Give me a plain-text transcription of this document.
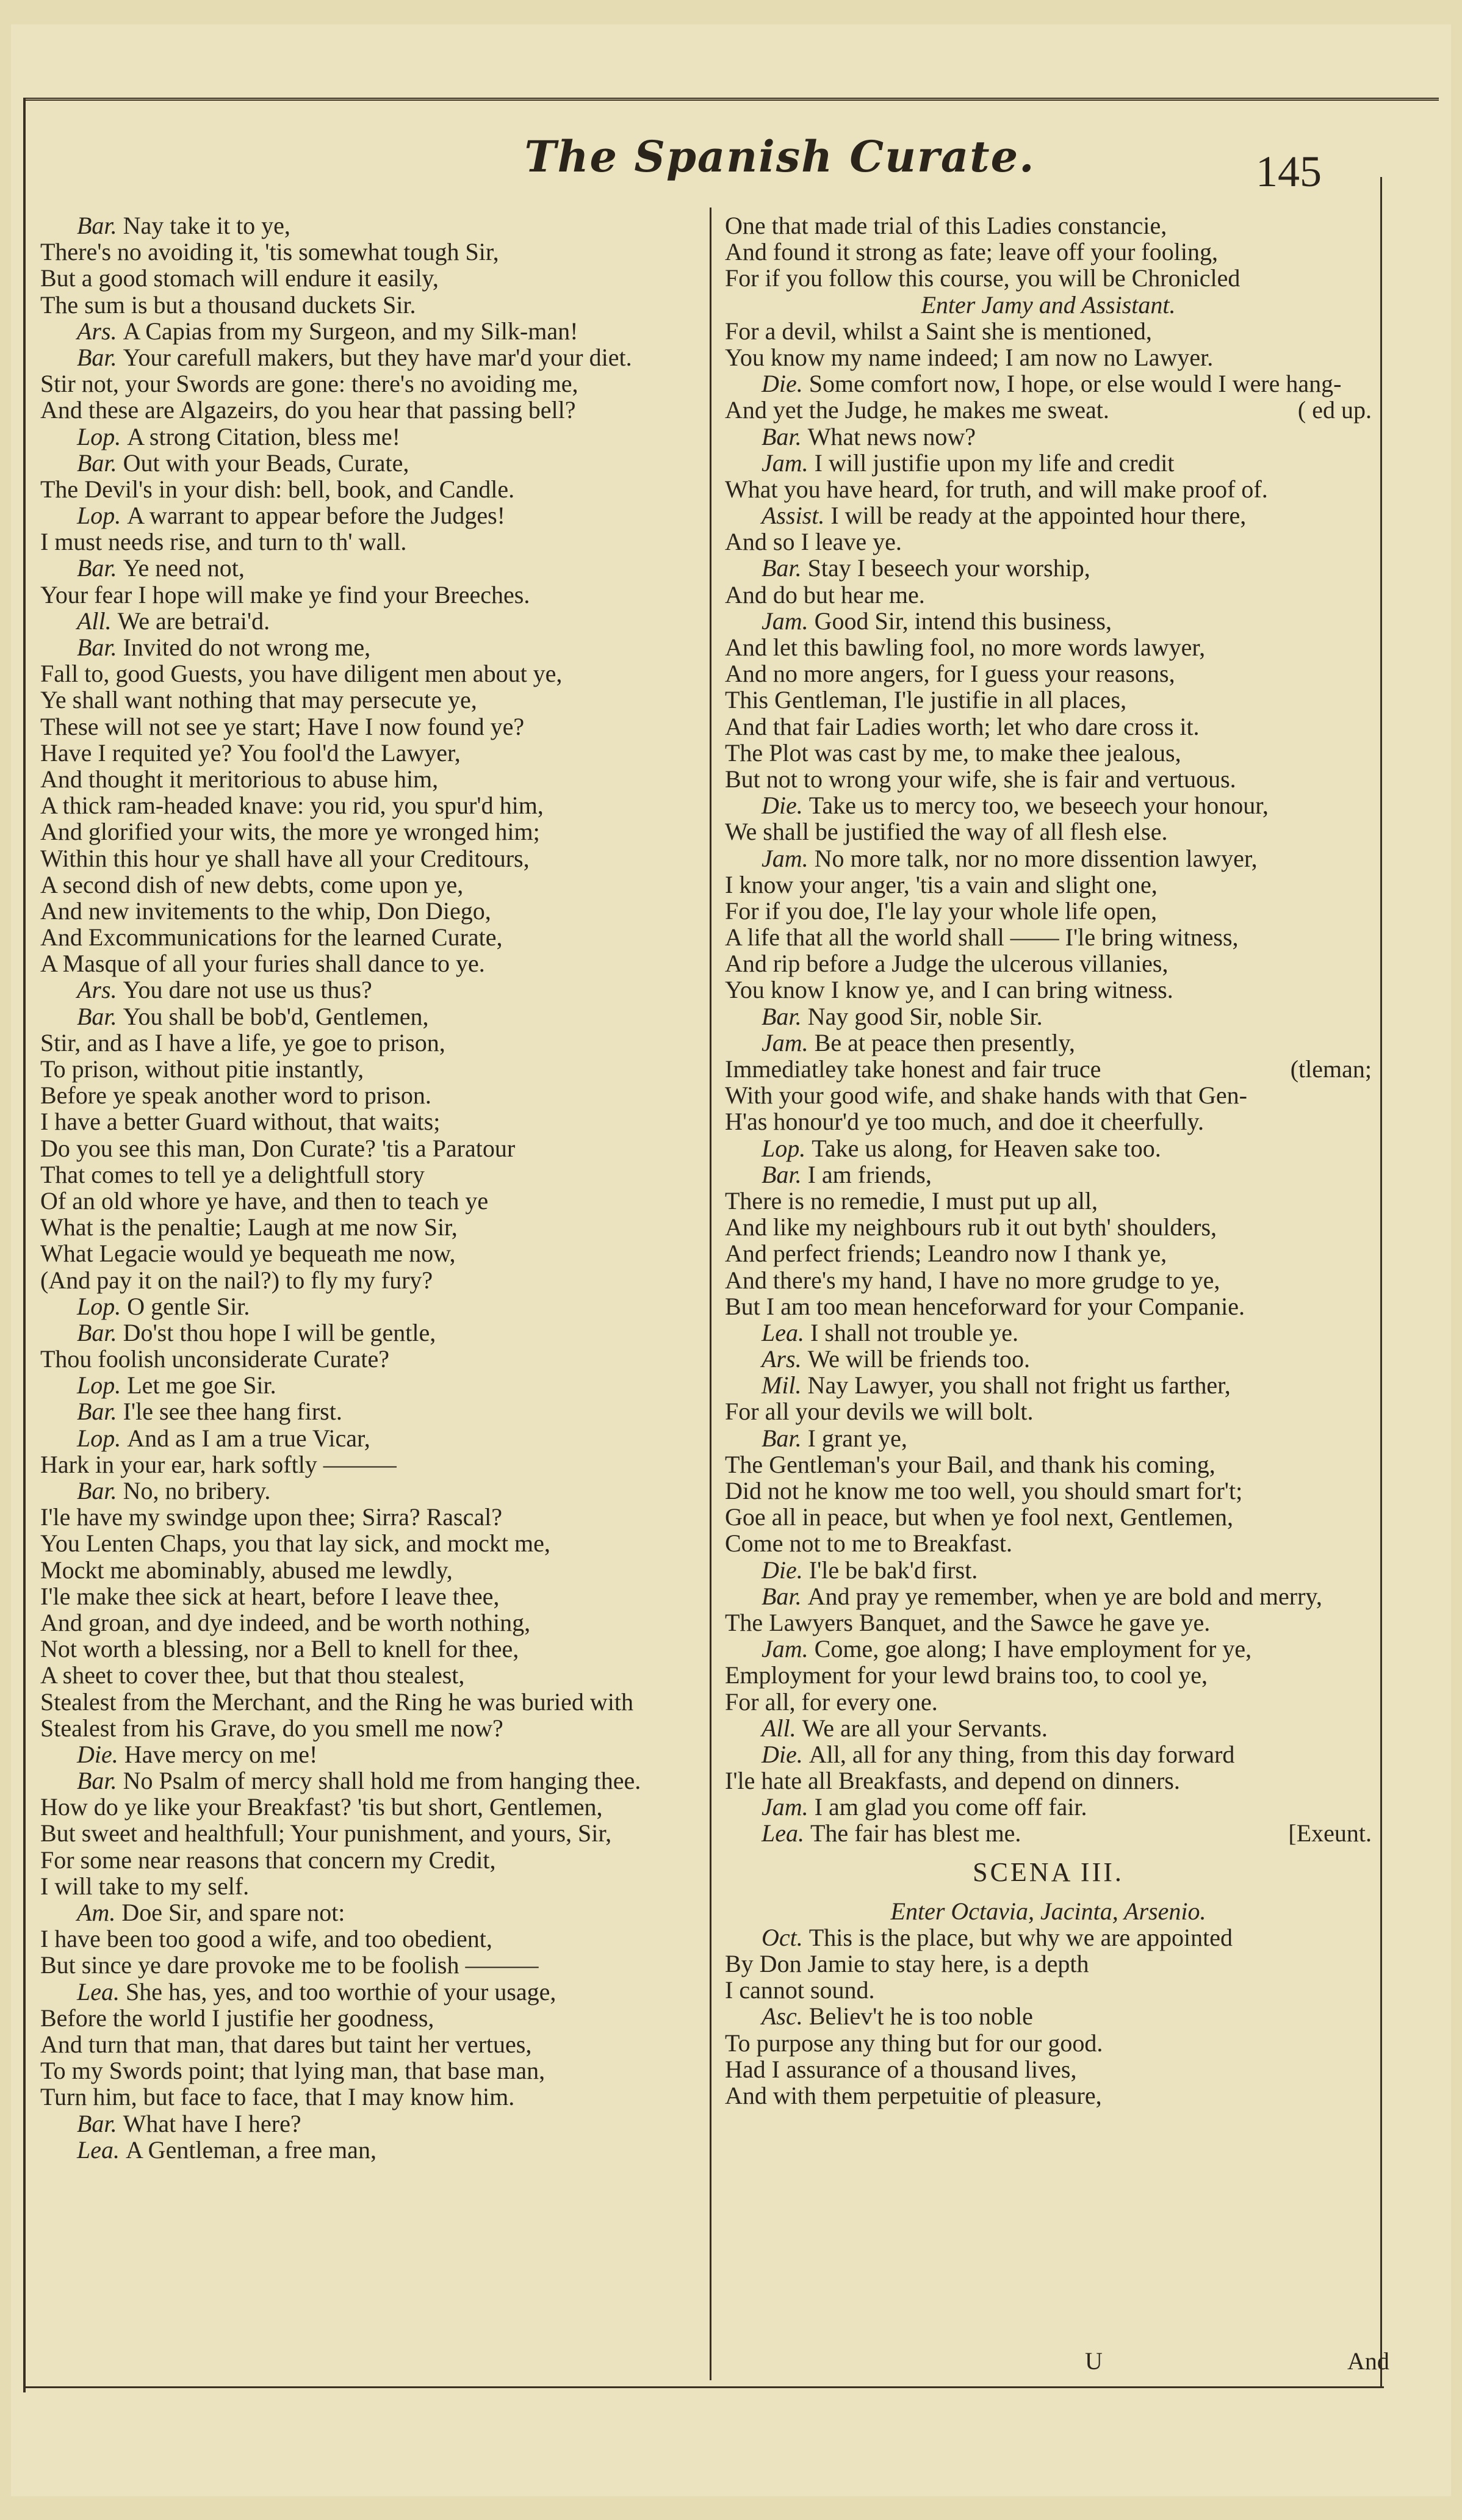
The Spanish Curate.	145
Bar. Nay take it to ye,
There's no avoiding it, 'tis somewhat tough Sir,
But a good stomach will endure it easily,
The sum is but a thousand duckets Sir.
Ars. A Capias from my Surgeon, and my Silk-man!
Bar. Your carefull makers, but they have mar'd your diet.
Stir not, your Swords are gone: there's no avoiding me,
And these are Algazeirs, do you hear that passing bell?
Lop. A strong Citation, bless me!
Bar. Out with your Beads, Curate,
The Devil's in your dish: bell, book, and Candle.
Lop. A warrant to appear before the Judges!
I must needs rise, and turn to th' wall.
Bar. Ye need not,
Your fear I hope will make ye find your Breeches.
All. We are betrai'd.
Bar. Invited do not wrong me,
Fall to, good Guests, you have diligent men about ye,
Ye shall want nothing that may persecute ye,
These will not see ye start; Have I now found ye?
Have I requited ye? You fool'd the Lawyer,
And thought it meritorious to abuse him,
A thick ram-headed knave: you rid, you spur'd him,
And glorified your wits, the more ye wronged him;
Within this hour ye shall have all your Creditours,
A second dish of new debts, come upon ye,
And new invitements to the whip, Don Diego,
And Excommunications for the learned Curate,
A Masque of all your furies shall dance to ye.
Ars. You dare not use us thus?
Bar. You shall be bob'd, Gentlemen,
Stir, and as I have a life, ye goe to prison,
To prison, without pitie instantly,
Before ye speak another word to prison.
I have a better Guard without, that waits;
Do you see this man, Don Curate? 'tis a Paratour
That comes to tell ye a delightfull story
Of an old whore ye have, and then to teach ye
What is the penaltie; Laugh at me now Sir,
What Legacie would ye bequeath me now,
(And pay it on the nail?) to fly my fury?
Lop. O gentle Sir.
Bar. Do'st thou hope I will be gentle,
Thou foolish unconsiderate Curate?
Lop. Let me goe Sir.
Bar. I'le see thee hang first.
Lop. And as I am a true Vicar,
Hark in your ear, hark softly ———
Bar. No, no bribery.
I'le have my swindge upon thee; Sirra? Rascal?
You Lenten Chaps, you that lay sick, and mockt me,
Mockt me abominably, abused me lewdly,
I'le make thee sick at heart, before I leave thee,
And groan, and dye indeed, and be worth nothing,
Not worth a blessing, nor a Bell to knell for thee,
A sheet to cover thee, but that thou stealest,
Stealest from the Merchant, and the Ring he was buried with
Stealest from his Grave, do you smell me now?
Die. Have mercy on me!
Bar. No Psalm of mercy shall hold me from hanging thee.
How do ye like your Breakfast? 'tis but short, Gentlemen,
But sweet and healthfull; Your punishment, and yours, Sir,
For some near reasons that concern my Credit,
I will take to my self.
Am. Doe Sir, and spare not:
I have been too good a wife, and too obedient,
But since ye dare provoke me to be foolish ———
Lea. She has, yes, and too worthie of your usage,
Before the world I justifie her goodness,
And turn that man, that dares but taint her vertues,
To my Swords point; that lying man, that base man,
Turn him, but face to face, that I may know him.
Bar. What have I here?
Lea. A Gentleman, a free man,
One that made trial of this Ladies constancie,
And found it strong as fate; leave off your fooling,
For if you follow this course, you will be Chronicled
Enter Jamy and Assistant.
For a devil, whilst a Saint she is mentioned,
You know my name indeed; I am now no Lawyer.
Die. Some comfort now, I hope, or else would I were hang-
And yet the Judge, he makes me sweat.	( ed up.
Bar. What news now?
Jam. I will justifie upon my life and credit
What you have heard, for truth, and will make proof of.
Assist. I will be ready at the appointed hour there,
And so I leave ye.
Bar. Stay I beseech your worship,
And do but hear me.
Jam. Good Sir, intend this business,
And let this bawling fool, no more words lawyer,
And no more angers, for I guess your reasons,
This Gentleman, I'le justifie in all places,
And that fair Ladies worth; let who dare cross it.
The Plot was cast by me, to make thee jealous,
But not to wrong your wife, she is fair and vertuous.
Die. Take us to mercy too, we beseech your honour,
We shall be justified the way of all flesh else.
Jam. No more talk, nor no more dissention lawyer,
I know your anger, 'tis a vain and slight one,
For if you doe, I'le lay your whole life open,
A life that all the world shall —— I'le bring witness,
And rip before a Judge the ulcerous villanies,
You know I know ye, and I can bring witness.
Bar. Nay good Sir, noble Sir.
Jam. Be at peace then presently,
Immediatley take honest and fair truce	(tleman;
With your good wife, and shake hands with that Gen-
H'as honour'd ye too much, and doe it cheerfully.
Lop. Take us along, for Heaven sake too.
Bar. I am friends,
There is no remedie, I must put up all,
And like my neighbours rub it out byth' shoulders,
And perfect friends; Leandro now I thank ye,
And there's my hand, I have no more grudge to ye,
But I am too mean henceforward for your Companie.
Lea. I shall not trouble ye.
Ars. We will be friends too.
Mil. Nay Lawyer, you shall not fright us farther,
For all your devils we will bolt.
Bar. I grant ye,
The Gentleman's your Bail, and thank his coming,
Did not he know me too well, you should smart for't;
Goe all in peace, but when ye fool next, Gentlemen,
Come not to me to Breakfast.
Die. I'le be bak'd first.
Bar. And pray ye remember, when ye are bold and merry,
The Lawyers Banquet, and the Sawce he gave ye.
Jam. Come, goe along; I have employment for ye,
Employment for your lewd brains too, to cool ye,
For all, for every one.
All. We are all your Servants.
Die. All, all for any thing, from this day forward
I'le hate all Breakfasts, and depend on dinners.
Jam. I am glad you come off fair.
Lea. The fair has blest me.	[Exeunt.
SCENA III.
Enter Octavia, Jacinta, Arsenio.
Oct. This is the place, but why we are appointed
By Don Jamie to stay here, is a depth
I cannot sound.
Asc. Believ't he is too noble
To purpose any thing but for our good.
Had I assurance of a thousand lives,
And with them perpetuitie of pleasure,
U	And
